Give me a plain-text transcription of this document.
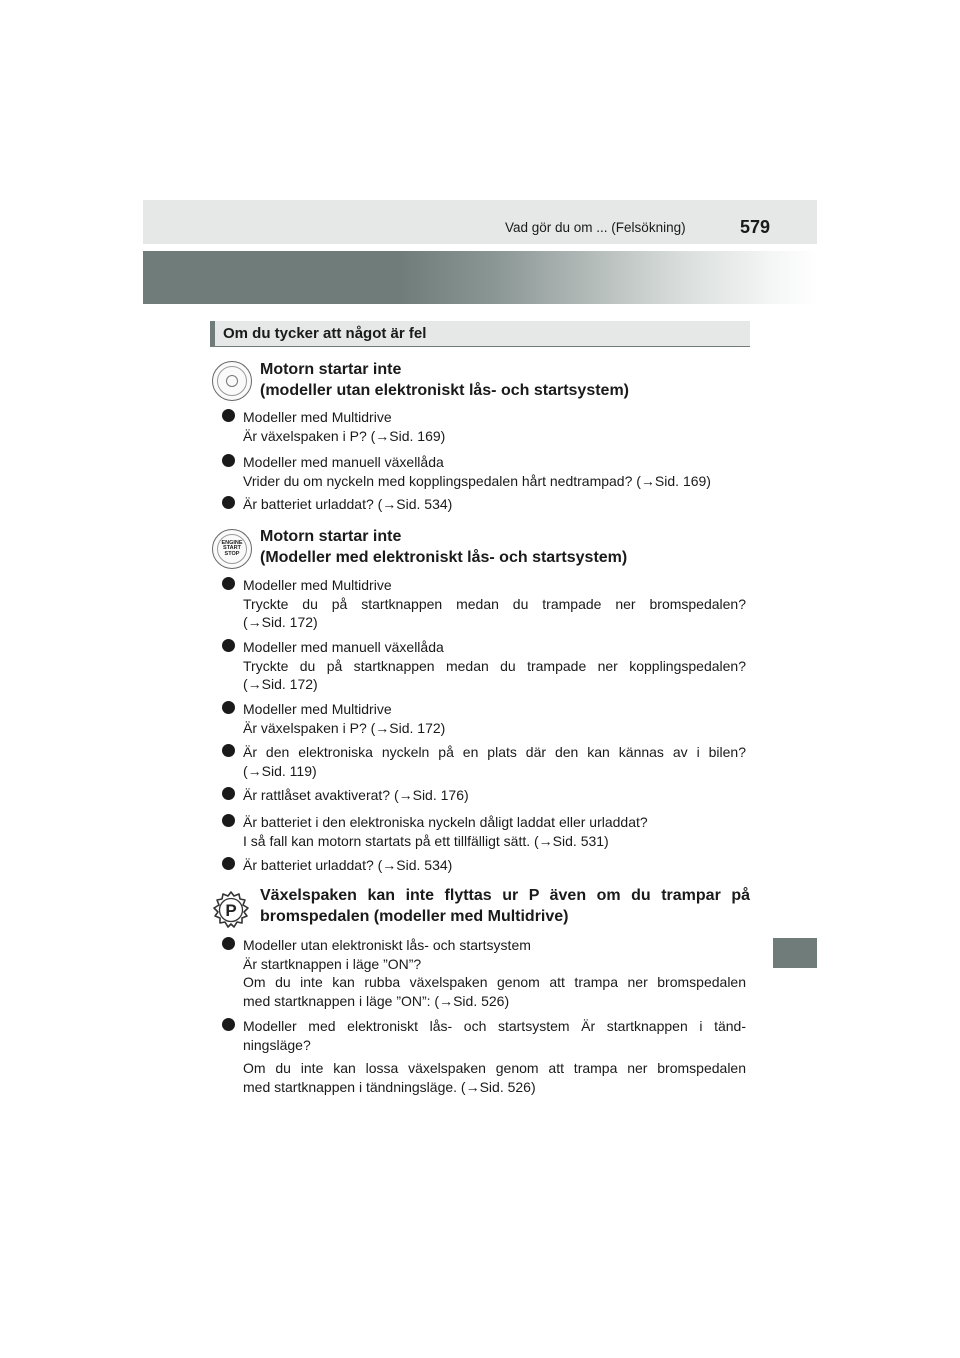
Vad gör du om ... (Felsökning)	579
Om du tycker att något är fel
Motorn startar inte
(modeller utan elektroniskt lås- och startsystem)
Modeller med Multidrive
Är växelspaken i P? (→Sid. 169)
Modeller med manuell växellåda
Vrider du om nyckeln med kopplingspedalen hårt nedtrampad? (→Sid. 169)
Är batteriet urladdat? (→Sid. 534)
ENGINE
START
STOP
Motorn startar inte
(Modeller med elektroniskt lås- och startsystem)
Modeller med Multidrive
Tryckte du på startknappen medan du trampade ner bromspedalen?
(→Sid. 172)
Modeller med manuell växellåda
Tryckte du på startknappen medan du trampade ner kopplingspedalen?
(→Sid. 172)
Modeller med Multidrive
Är växelspaken i P? (→Sid. 172)
Är den elektroniska nyckeln på en plats där den kan kännas av i bilen?
(→Sid. 119)
Är rattlåset avaktiverat? (→Sid. 176)
Är batteriet i den elektroniska nyckeln dåligt laddat eller urladdat?
I så fall kan motorn startats på ett tillfälligt sätt. (→Sid. 531)
Är batteriet urladdat? (→Sid. 534)
P
Växelspaken kan inte flyttas ur P även om du trampar på
bromspedalen (modeller med Multidrive)
Modeller utan elektroniskt lås- och startsystem
Är startknappen i läge ”ON”?
Om du inte kan rubba växelspaken genom att trampa ner bromspedalen
med startknappen i läge ”ON”: (→Sid. 526)
Modeller med elektroniskt lås- och startsystem Är startknappen i tänd-
ningsläge?
Om du inte kan lossa växelspaken genom att trampa ner bromspedalen
med startknappen i tändningsläge. (→Sid. 526)
